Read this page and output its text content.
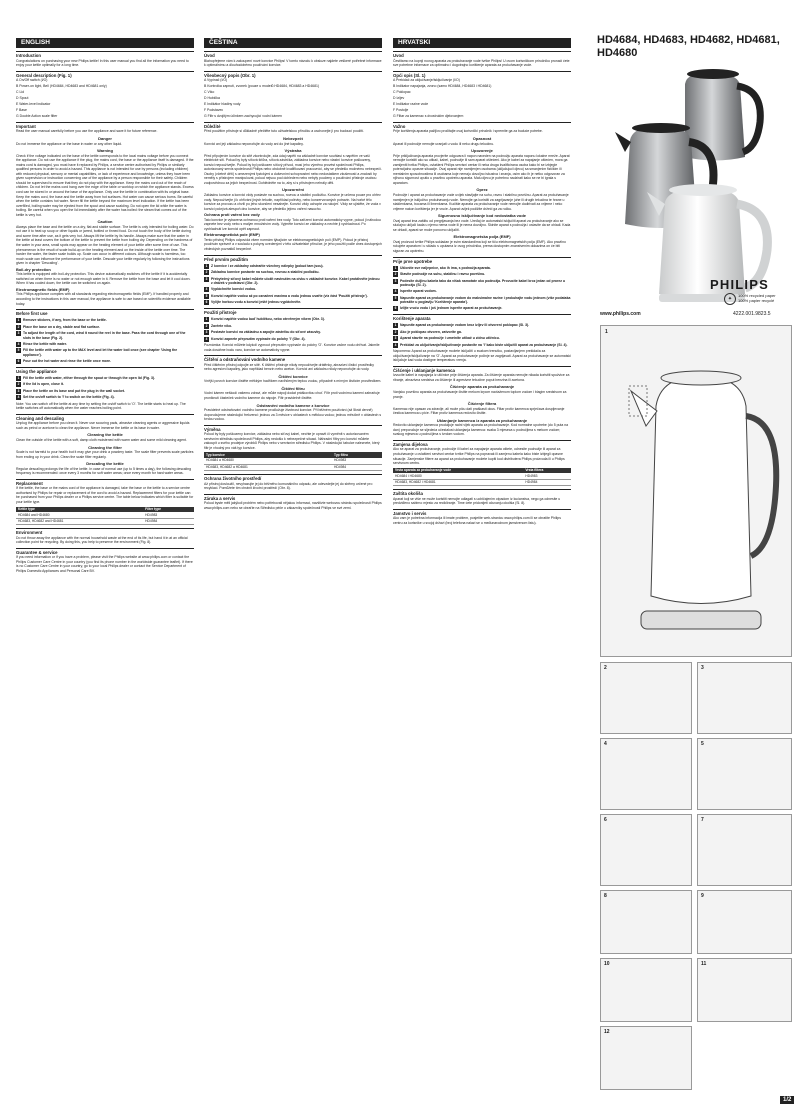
ENGLISH
Introduction

Congratulations on purchasing your new Philips kettle! In this user manual you find all the information you need to enjoy your kettle optimally for a long time.

General description (Fig. 1)

A On/Off switch (I/O)

B Power-on light, Bell (HD4684, HD4683 and HD4681 only)

C Lid

D Spout

E Water-level indicator

F Base

G Double Action scale filter

Important

Read the user manual carefully before you use the appliance and save it for future reference.

Danger

Do not immerse the appliance or the base in water or any other liquid.

Warning

Check if the voltage indicated on the base of the kettle corresponds to the local mains voltage before you connect the appliance. Do not use the appliance if the plug, the mains cord, the base or the appliance itself is damaged. If the mains cord is damaged, you must have it replaced by Philips, a service centre authorised by Philips or similarly qualified persons in order to avoid a hazard. This appliance is not intended for use by persons (including children) with reduced physical, sensory or mental capabilities, or lack of experience and knowledge, unless they have been given supervision or instruction concerning use of the appliance by a person responsible for their safety. Children should be supervised to ensure that they do not play with the appliance. Keep the mains cord out of the reach of children. Do not let the mains cord hang over the edge of the table or worktop on which the appliance stands. Excess cord can be stored in or around the base of the appliance. Only use the kettle in combination with its original base. Keep the mains cord, the base and the kettle away from hot surfaces. Hot water can cause serious burns. Be careful when the kettle contains hot water. Never fill the kettle beyond the maximum level indication. If the kettle has been overfilled, boiling water may be ejected from the spout and cause scalding. Do not open the lid while the water is boiling. Be careful when you open the lid immediately after the water has boiled: the steam that comes out of the kettle is very hot.

Caution

Always place the base and the kettle on a dry, flat and stable surface. The kettle is only intended for boiling water. Do not use it to heat up soup or other liquids or jarred, bottled or tinned food. Do not touch the body of the kettle during and some time after use, as it gets very hot. Always lift the kettle by its handle. Always make sure that the water in the kettle at least covers the bottom of the kettle to prevent the kettle from boiling dry. Depending on the hardness of the water in your area, small spots may appear on the heating element of your kettle after some time of use. This phenomenon is the result of scale build-up on the heating element and on the inside of the kettle over time. The harder the water, the faster scale builds up. Scale can occur in different colours. Although scale is harmless, too much scale can influence the performance of your kettle. Descale your kettle regularly by following the instructions given in chapter 'Descaling'.

Boil-dry protection

This kettle is equipped with boil-dry protection. This device automatically switches off the kettle if it is accidentally switched on when there is no water or not enough water in it. Remove the kettle from the base and let it cool down. When it has cooled down, the kettle can be switched on again.

Electromagnetic fields (EMF)

This Philips appliance complies with all standards regarding electromagnetic fields (EMF). If handled properly and according to the instructions in this user manual, the appliance is safe to use based on scientific evidence available today.

Before first use
1	Remove stickers, if any, from the base or the kettle.
2	Place the base on a dry, stable and flat surface.
3	To adjust the length of the cord, wind it round the reel in the base. Pass the cord through one of the slots in the base (Fig. 2).
4	Rinse the kettle with water.
5	Fill the kettle with water up to the MAX level and let the water boil once (see chapter 'Using the appliance').
6	Pour out the hot water and rinse the kettle once more.
Using the appliance
1	Fill the kettle with water, either through the spout or through the open lid (Fig. 3).
2	If the lid is open, close it.
3	Place the kettle on its base and put the plug in the wall socket.
4	Set the on/off switch to 'I' to switch on the kettle (Fig. 4).

Note: You can switch off the kettle at any time by setting the on/off switch to 'O'. The kettle starts to heat up. The kettle switches off automatically when the water reaches boiling point.

Cleaning and descaling

Unplug the appliance before you clean it. Never use scouring pads, abrasive cleaning agents or aggressive liquids such as petrol or acetone to clean the appliance. Never immerse the kettle or its base in water.

Cleaning the kettle

Clean the outside of the kettle with a soft, damp cloth moistened with warm water and some mild cleaning agent.

Cleaning the filter

Scale is not harmful to your health but it may give your drink a powdery taste. The scale filter prevents scale particles from ending up in your drink. Clean the scale filter regularly.

Descaling the kettle

Regular descaling prolongs the life of the kettle. In case of normal use (up to 5 times a day), the following descaling frequency is recommended: once every 3 months for soft water areas; once every month for hard water areas.

Replacement

If the kettle, the base or the mains cord of the appliance is damaged, take the base or the kettle to a service centre authorised by Philips for repair or replacement of the cord to avoid a hazard. Replacement filters for your kettle can be purchased from your Philips dealer or a Philips service centre. The table below indicates which filter is suitable for your kettle type.

Kettle type	Filter type
HD4684 and HD4680	HD4983
HD4683, HD4682 and HD4681	HD4984
Environment

Do not throw away the appliance with the normal household waste at the end of its life, but hand it in at an official collection point for recycling. By doing this, you help to preserve the environment (Fig. 8).

Guarantee & service

If you need information or if you have a problem, please visit the Philips website at www.philips.com or contact the Philips Customer Care Centre in your country (you find its phone number in the worldwide guarantee leaflet). If there is no Customer Care Centre in your country, go to your local Philips dealer or contact the Service Department of Philips Domestic Appliances and Personal Care BV.

ČEŠTINA
Úvod

Blahopřejeme vám k zakoupení nové konvice Philips! V tomto návodu k obsluze najdete veškeré potřebné informace k optimálnímu a dlouhodobému používání konvice.

Všeobecný popis (Obr. 1)

A Vypínač (I/O)

B Kontrolka zapnutí, zvonek (pouze u modelů HD4684, HD4683 a HD4681)

C Víko

D Hubička

E Indikátor hladiny vody

F Podstavec

G Filtr s dvojitým účinkem zachycující vodní kámen

Důležité

Před použitím přístroje si důkladně přečtěte tuto uživatelskou příručku a uschovejte ji pro budoucí použití.

Nebezpečí

Konvici ani její základnu neponořujte do vody ani do jiné kapaliny.

Výstraha

Před připojením konvice do sítě zkontrolujte, zda údaj napětí na základně konvice souhlasí s napětím ve vaší elektrické síti. Pokud by byly síťová šňůra, síťová zástrčka, základna konvice nebo vlastní konvice poškozeny, konvici nepoužívejte. Pokud by byl poškozen síťový přívod, musí jeho výměnu provést společnost Philips, autorizovaný servis společnosti Philips nebo obdobně kvalifikovaní pracovníci, aby se předešlo možnému nebezpečí. Osoby (včetně dětí) s omezenými fyzickými a duševními schopnostmi nebo nedostatkem zkušeností a znalostí by neměly s přístrojem manipulovat, pokud nejsou pod dohledem nebo nebyly poučeny o používání přístroje osobou zodpovědnou za jejich bezpečnost. Dohlédněte na to, aby si s přístrojem nehrály děti.

Upozornění

Základnu konvice a konvici vždy postavte na suchou, rovnou a stabilní podložku. Konvice je určena pouze pro ohřev vody. Nepoužívejte ji k ohřívání jiných tekutin, například polévky, nebo konzervovaných potravin. Na horké tělo konvice za provozu a chvíli po jeho skončení nesahejte. Konvici vždy uchopte za rukojeť. Vždy se ujistěte, že voda v konvici pokrývá alespoň dno konvice, aby se předešlo jejímu vaření nasucho.

Ochrana proti vaření bez vody

Tato konvice je vybavena ochranou proti vaření bez vody. Toto zařízení konvici automaticky vypne, pokud ji náhodou zapnete bez vody nebo s malým množstvím vody. Vyjměte konvici ze základny a nechte ji vychladnout. Po vychladnutí lze konvici opět zapnout.

Elektromagnetická pole (EMP)

Tento přístroj Philips odpovídá všem normám týkajícím se elektromagnetických polí (EMP). Pokud je přístroj používán správně a v souladu s pokyny uvedenými v této uživatelské příručce, je jeho použití podle dnes dostupných vědeckých poznatků bezpečné.

Před prvním použitím
1	Z konvice i ze základny odstraňte všechny nálepky (pokud tam jsou).
2	Základnu konvice postavte na suchou, rovnou a stabilní podložku.
3	Přebytečný síťový kabel můžete uložit navinutím na cívku v základně konvice. Kabel protáhněte jednou z drážek v podstavci (Obr. 2).
4	Vypláchněte konvici vodou.
5	Konvici naplňte vodou až po označení maxima a vodu jednou uvařte (viz část 'Použití přístroje').
6	Vylijte horkou vodu a konvici ještě jednou vypláchněte.
Použití přístroje
1	Konvici naplňte vodou buď hubičkou, nebo otevřeným víkem (Obr. 3).
2	Zavřete víko.
3	Postavte konvici na základnu a zapojte zástrčku do síťové zásuvky.
4	Konvici zapnete přepnutím vypínače do polohy 'I' (Obr. 4).

Poznámka: Konvici můžete kdykoli vypnout přepnutím vypínače do polohy 'O'. Konvice začne vodu ohřívat. Jakmile voda dosáhne bodu varu, konvice se automaticky vypne.

Čištění a odstraňování vodního kamene

Před čištěním přístroj odpojte ze sítě. K čištění přístroje nikdy nepoužívejte drátěnky, abrazivní čisticí prostředky nebo agresivní kapaliny, jako například benzín nebo aceton. Konvici ani základnu nikdy neponořujte do vody.

Čištění konvice

Vnější povrch konvice čistěte měkkým hadříkem navlhčeným teplou vodou, případně s mírným čisticím prostředkem.

Čištění filtru

Vodní kámen neškodí vašemu zdraví, ale může nápoji dodat práškovitou chuť. Filtr proti vodnímu kameni zabraňuje proniknutí částeček vodního kamene do nápoje. Filtr pravidelně čistěte.

Odstranění vodního kamene z konvice

Pravidelné odstraňování vodního kamene prodlužuje životnost konvice. Při běžném používání (až 5krát denně) doporučujeme následující frekvenci: jednou za 3 měsíce v oblastech s měkkou vodou; jednou měsíčně v oblastech s tvrdou vodou.

Výměna

Pokud by byly poškozeny konvice, základna nebo síťový kabel, nechte je opravit či vyměnit v autorizovaném servisním středisku společnosti Philips, aby nedošlo k nebezpečné situaci. Náhradní filtry pro konvici můžete zakoupit u svého prodejce výrobků Philips nebo v servisním středisku Philips. V následující tabulce naleznete, který filtr je vhodný pro váš typ konvice.

Typ konvice	Typ filtru
HD4684 a HD4680	HD4983
HD4683, HD4682 a HD4681	HD4984
Ochrana životního prostředí

Až přístroj dosloužil, nevyhazujte jej do běžného komunálního odpadu, ale odevzdejte jej do sběrny určené pro recyklaci. Pomůžete tím chránit životní prostředí (Obr. 8).

Záruka a servis

Pokud byste měli jakýkoli problém nebo potřebovali nějakou informaci, navštivte webovou stránku společnosti Philips www.philips.com nebo se obraťte na Středisko péče o zákazníky společnosti Philips ve své zemi.

HRVATSKI
Uvod

Čestitamo na kupnji novog aparata za prokuhavanje vode tvrtke Philips! U ovom korisničkom priručniku pronaći ćete sve potrebne informace za optimalno i dugotrajno korištenje aparata za prokuhavanje vode.

Opći opis (Sl. 1)

A Prekidač za uključivanje/isključivanje (I/O)

B Indikator napajanja, zvono (samo HD4684, HD4683 i HD4681)

C Poklopac

D Izljev

E Indikator razine vode

F Postolje

G Filtar za kamenac s dvostrukim djelovanjem

Važno

Prije korištenja aparata pažljivo pročitajte ovaj korisnički priručnik i spremite ga za buduće potrebe.

Opasnost

Aparat ili podnožje nemojte uranjati u vodu ili neku drugu tekućinu.

Upozorenje

Prije priključivanja aparata provjerite odgovara li napon naveden na podnožju aparata naponu lokalne mreže. Aparat nemojte koristiti ako su utikač, kabel, podnožje ili sam aparat oštećeni. Ako je kabel za napajanje oštećen, mora ga zamijeniti tvrtka Philips, ovlašteni Philips servisni centar ili neka druga kvalificirana osoba kako bi se izbjegle potencijalno opasne situacije. Ovaj aparat nije namijenjen osobama (uključujući djecu) sa smanjenim fizičkim ili mentalnim sposobnostima ili osobama koje nemaju dovoljno iskustva i znanja, osim ako ih je netko odgovoran za njihovu sigurnost uputio u pravilnu upotrebu aparata. Malu djecu je potrebno nadzirati kako se ne bi igrala s aparatom.

Oprez

Podnožje i aparat za prokuhavanje vode uvijek stavljajte na suhu, ravnu i stabilnu površinu. Aparat za prokuhavanje namijenjen je isključivo prokuhavanju vode. Nemojte ga koristiti za zagrijavanje juhe ili drugih tekućina te hrane u staklenkama, bocama ili limenkama. Kućište aparata za prokuhavanje vode nemojte dodirivati za vrijeme i neko vrijeme nakon korištenja jer je vruće. Aparat uvijek podižite držeći ga za ručku.

Sigurnosno isključivanje kod nedostatka vode

Ovaj aparat ima zaštitu od pregrijavanja bez vode. Uređaj će automatski isključiti aparat za prokuhavanje ako se slučajno uključi kada u njemu nema vode ili je nema dovoljno. Skinite aparat s podnožja i ostavite da se ohladi. Kada se ohladi, aparat se može ponovno uključiti.

Elektromagnetska polja (EMF)

Ovaj proizvod tvrtke Philips sukladan je svim standardima koji se tiču elektromagnetskih polja (EMF). Ako pravilno rukujete aparatom i u skladu s uputama iz ovog priručnika, prema dostupnim znanstvenim dokazima on će biti siguran za upotrebu.

Prije prve upotrebe
1	Uklonite sve naljepnice, ako ih ima, s podnožja aparata.
2	Stavite podnožje na suhu, stabilnu i ravnu površinu.
3	Podesite duljinu kabela tako da višak namotate oko podnožja. Provucite kabel kroz jedan od prorez u podnožju (Sl. 2).
4	Isperite aparat vodom.
5	Napunite aparat za prokuhavanje vodom do maksimalne razine i prokuhajte vodu jednom (više podataka potražite u poglavlju 'Korištenje aparata').
6	Izlijte vruću vodu i još jednom isperite aparat za prokuhavanje.
Korištenje aparata
1	Napunite aparat za prokuhavanje vodom kroz izljev ili otvoreni poklopac (Sl. 3).
2	Ako je poklopac otvoren, zatvorite ga.
3	Aparat stavite na podnožje i umetnite utikač u zidnu utičnicu.
4	Prekidač za uključivanje/isključivanje postavite na 'I' kako biste uključili aparat za prokuhavanje (Sl. 4).

Napomena: Aparat za prokuhavanje možete isključiti u svakom trenutku, postavljanjem prekidača za uključivanje/isključivanje na 'O'. Aparat za prokuhavanje počinje se zagrijavati. Aparat za prokuhavanje se automatski isključuje kad voda dostigne temperaturu vrenja.

Čišćenje i uklanjanje kamenca

Izvucite kabel iz napajanja iz utičnice prije čišćenja aparata. Za čišćenje aparata nemojte nikada koristiti spužvice za ribanje, abrazivna sredstva za čišćenje ili agresivne tekućine poput benzina ili acetona.

Čišćenje aparata za prokuhavanje

Vanjsku površinu aparata za prokuhavanje čistite mekom krpom navlaženom toplom vodom i blagim sredstvom za pranje.

Čišćenje filtera

Kamenac nije opasan za zdravlje, ali može piću dati praškasti okus. Filtar protiv kamenca sprječava dospijevanje čestica kamenca u piće. Filtar protiv kamenca redovito čistite.

Uklanjanje kamenca iz aparata za prokuhavanje

Redovito uklanjanje kamenca produljuje radni vijek aparata za prokuhavanje. Kod normalne upotrebe (do 5 puta na dan) preporučuje se sljedeća učestalost uklanjanja kamenca: svaka 3 mjeseca u područjima s mekom vodom; svakog mjeseca u područjima s tvrdom vodom.

Zamjena dijelova

Ako se aparat za prokuhavanje, podnožje ili kabel za napajanje aparata oštete, odnesite podnožje ili aparat za prokuhavanje u ovlašteni servisni centar tvrtke Philips na popravak ili zamjenu kabela kako biste izbjegli opasne situacije. Zamjenske filtere za aparat za prokuhavanje možete kupiti kod distributera Philips proizvoda ili u Philips servisnom centru.

Vrsta aparata za prokuhavanje vode	Vrsta filtera
HD4684 i HD4680	HD4983
HD4683, HD4682 i HD4681	HD4984
Zaštita okoliša

Aparat koji se više ne može koristiti nemojte odlagati s uobičajenim otpadom iz kućanstva, nego ga odnesite u predviđeno sabirno mjesto za recikliranje. Time ćete pridonijeti očuvanju okoliša (Sl. 8).

Jamstvo i servis

Ako vam je potrebna informacija ili imate problem, posjetite web-stranicu www.philips.com ili se obratite Philips centru za korisnike u svojoj državi (broj telefona nalazi se u međunarodnom jamstvenom listu).

HD4684, HD4683, HD4682, HD4681,
HD4680
PHILIPS
✦
100% recycled paper
100% papier recyclé
www.philips.com	4222.001.9823.5
1
2	3
4	5
6	7
8	9
10	11
12
1/2
